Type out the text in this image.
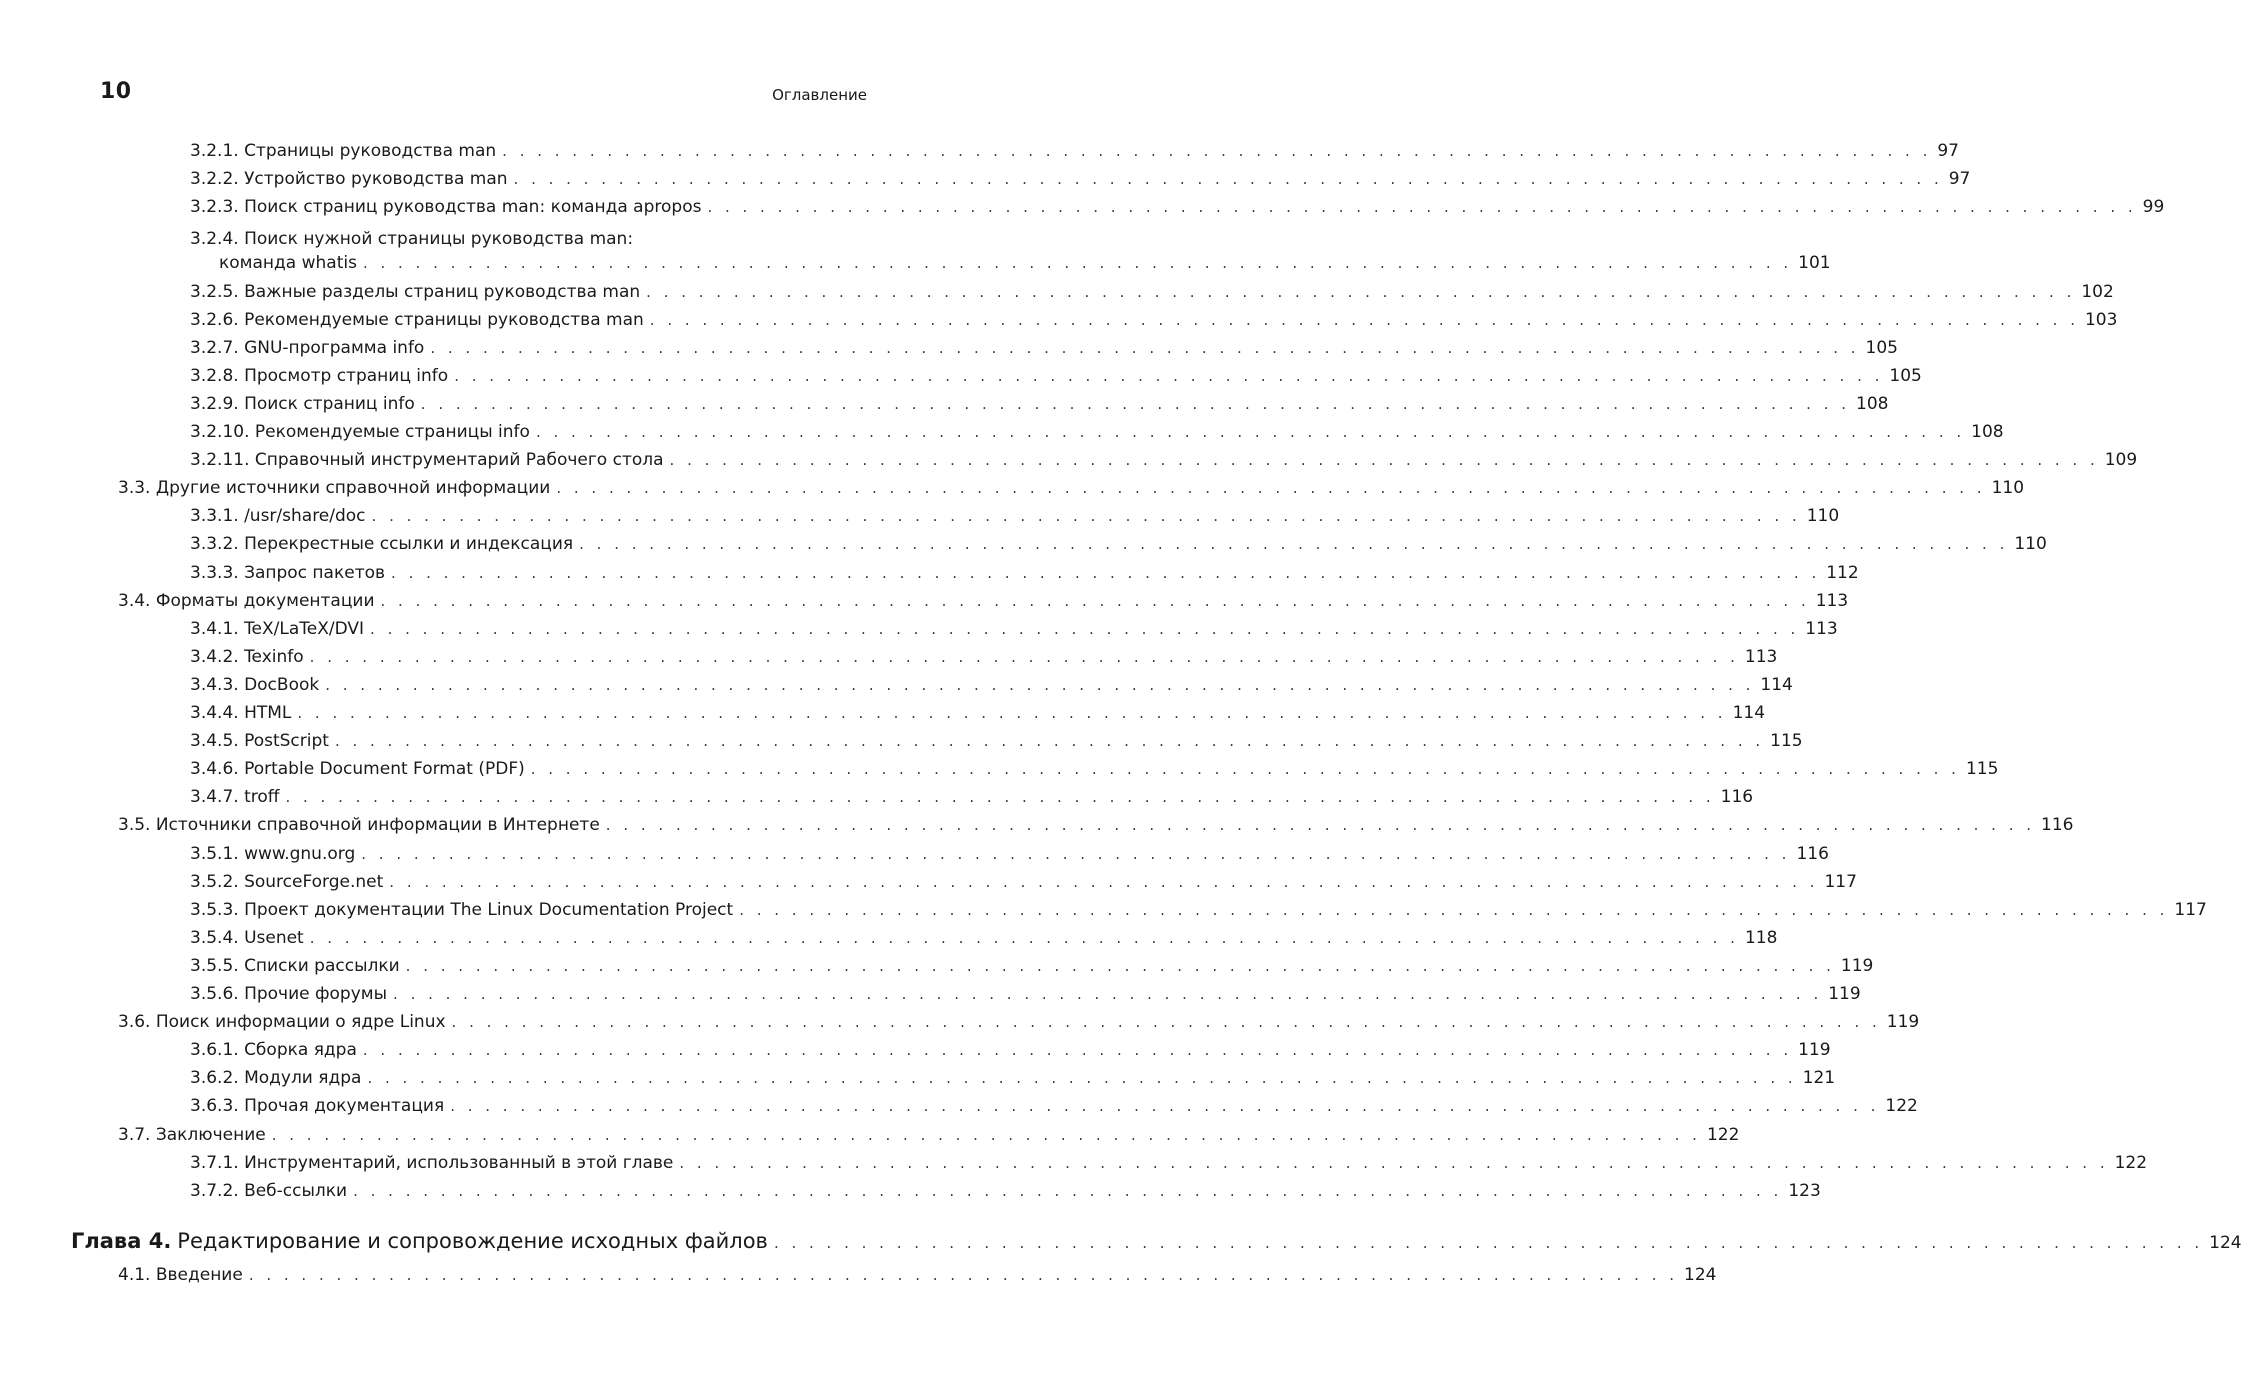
10	Оглавление
3.2.1. Страницы руководства man . . .	97
3.2.2. Устройство руководства man . . .	97
3.2.3. Поиск страниц руководства man: команда apropos . . .	99
3.2.4. Поиск нужной страницы руководства man:
команда whatis . . .	101
3.2.5. Важные разделы страниц руководства man . . .	102
3.2.6. Рекомендуемые страницы руководства man . . .	103
3.2.7. GNU-программа info . . .	105
3.2.8. Просмотр страниц info . . .	105
3.2.9. Поиск страниц info . . .	108
3.2.10. Рекомендуемые страницы info . . .	108
3.2.11. Справочный инструментарий Рабочего стола . . .	109
3.3. Другие источники справочной информации . . .	110
3.3.1. /usr/share/doc . . .	110
3.3.2. Перекрестные ссылки и индексация . . .	110
3.3.3. Запрос пакетов . . .	112
3.4. Форматы документации . . .	113
3.4.1. TeX/LaTeX/DVI . . .	113
3.4.2. Texinfo . . .	113
3.4.3. DocBook . . .	114
3.4.4. HTML . . .	114
3.4.5. PostScript . . .	115
3.4.6. Portable Document Format (PDF) . . .	115
3.4.7. troff . . .	116
3.5. Источники справочной информации в Интернете . . .	116
3.5.1. www.gnu.org . . .	116
3.5.2. SourceForge.net . . .	117
3.5.3. Проект документации The Linux Documentation Project . . .	117
3.5.4. Usenet . . .	118
3.5.5. Списки рассылки . . .	119
3.5.6. Прочие форумы . . .	119
3.6. Поиск информации о ядре Linux . . .	119
3.6.1. Сборка ядра . . .	119
3.6.2. Модули ядра . . .	121
3.6.3. Прочая документация . . .	122
3.7. Заключение . . .	122
3.7.1. Инструментарий, использованный в этой главе . . .	122
3.7.2. Веб-ссылки . . .	123
Глава 4. Редактирование и сопровождение исходных файлов . . .	124
4.1. Введение . . .	124
